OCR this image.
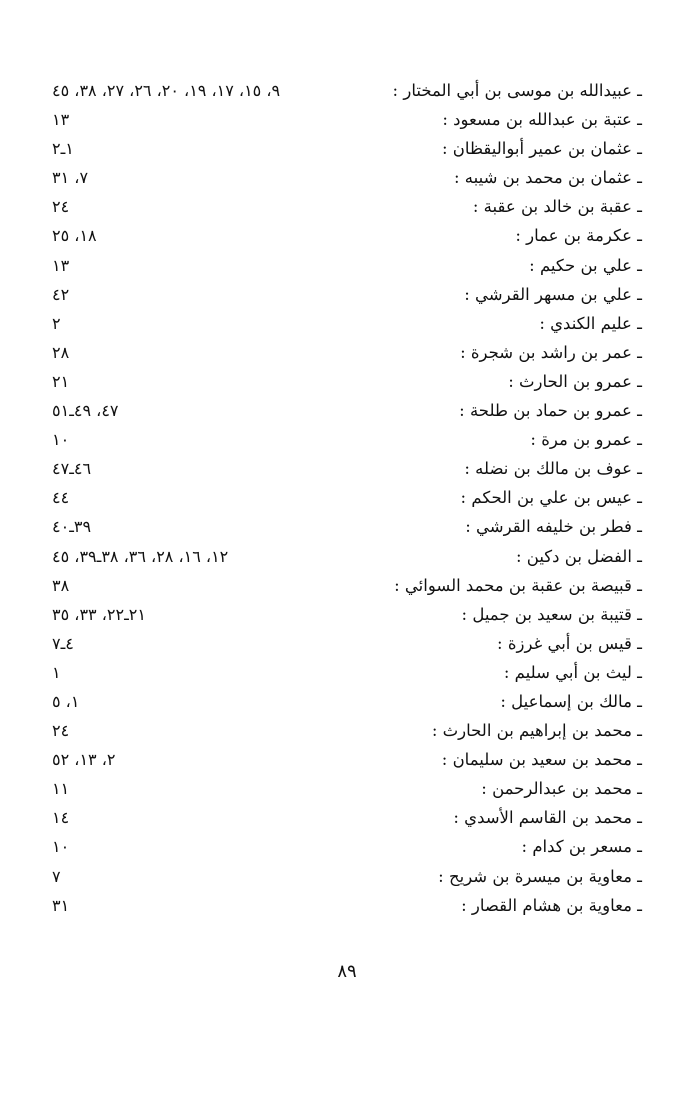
ـ عبيدالله بن موسى بن أبي المختار :
٩، ١٥، ١٧، ١٩، ٢٠، ٢٦، ٢٧، ٣٨، ٤٥
ـ عتبة بن عبدالله بن مسعود :
١٣
ـ عثمان بن عمير أبواليقظان :
١ـ٢
ـ عثمان بن محمد بن شيبه :
٧، ٣١
ـ عقبة بن خالد بن عقبة :
٢٤
ـ عكرمة بن عمار :
١٨، ٢٥
ـ علي بن حكيم :
١٣
ـ علي بن مسهر القرشي :
٤٢
ـ عليم الكندي :
٢
ـ عمر بن راشد بن شجرة :
٢٨
ـ عمرو بن الحارث :
٢١
ـ عمرو بن حماد بن طلحة :
٤٧، ٤٩ـ٥١
ـ عمرو بن مرة :
١٠
ـ عوف بن مالك بن نضله :
٤٦ـ٤٧
ـ عيس بن علي بن الحكم :
٤٤
ـ فطر بن خليفه القرشي :
٣٩ـ٤٠
ـ الفضل بن دكين :
١٢، ١٦، ٢٨، ٣٦، ٣٨ـ٣٩، ٤٥
ـ قبيصة بن عقبة بن محمد السوائي :
٣٨
ـ قتيبة بن سعيد بن جميل :
٢١ـ٢٢، ٣٣، ٣٥
ـ قيس بن أبي غرزة :
٤ـ٧
ـ ليث بن أبي سليم :
١
ـ مالك بن إسماعيل :
١، ٥
ـ محمد بن إبراهيم بن الحارث :
٢٤
ـ محمد بن سعيد بن سليمان :
٢، ١٣، ٥٢
ـ محمد بن عبدالرحمن :
١١
ـ محمد بن القاسم الأسدي :
١٤
ـ مسعر بن كدام :
١٠
ـ معاوية بن ميسرة بن شريح :
٧
ـ معاوية بن هشام القصار :
٣١
٨٩
